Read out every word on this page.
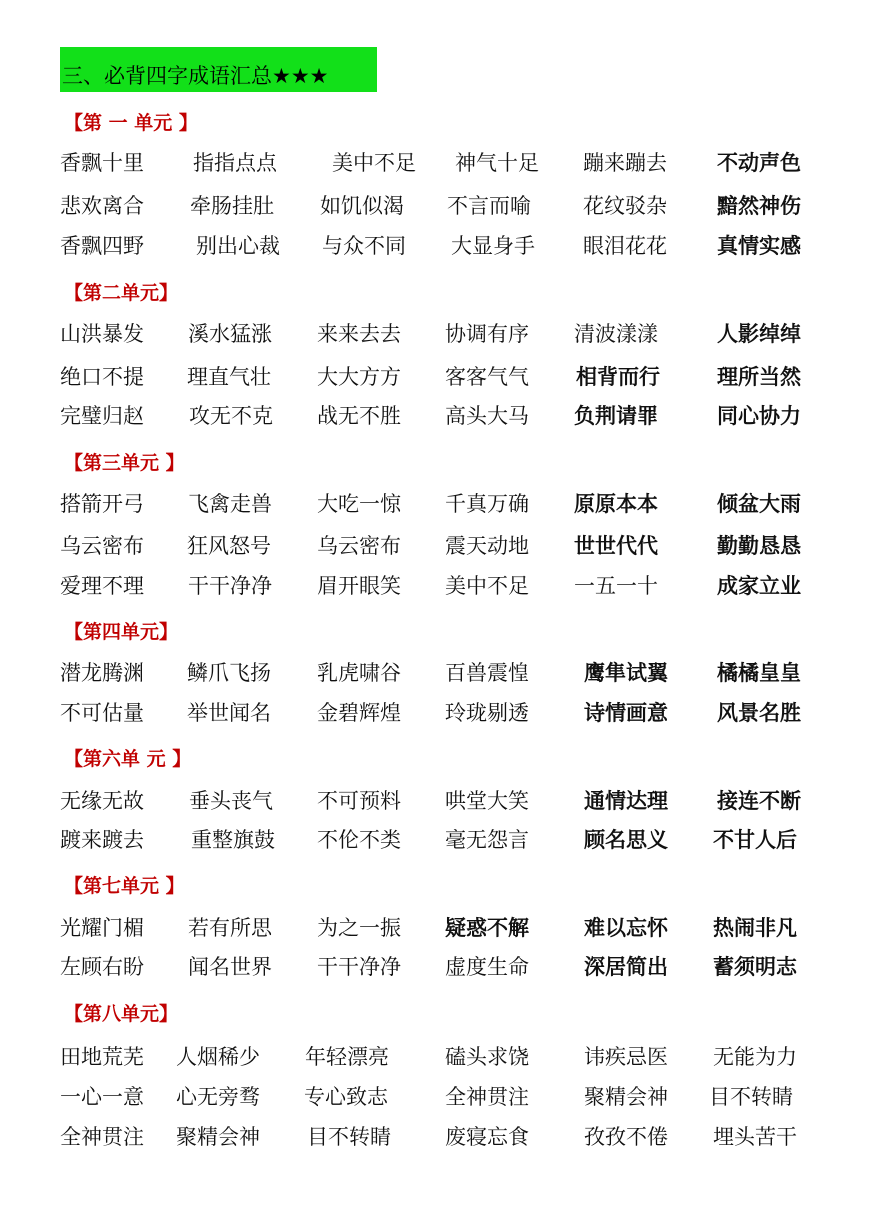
三、必背四字成语汇总★★★
【第 一 单元 】
香飘十里 指指点点	美中不足 神气十足 蹦来蹦去 不动声色
悲欢离合 牵肠挂肚 如饥似渴 不言而喻 花纹驳杂 黯然神伤
香飘四野 别出心裁 与众不同 大显身手 眼泪花花 真情实感
【第二单元】
山洪暴发 溪水猛涨 来来去去 协调有序 清波漾漾	人影绰绰
绝口不提 理直气壮 大大方方 客客气气 相背而行	理所当然
完璧归赵 攻无不克 战无不胜 高头大马 负荆请罪	同心协力
【第三单元 】
搭箭开弓 飞禽走兽 大吃一惊 千真万确 原原本本	倾盆大雨
乌云密布 狂风怒号 乌云密布 震天动地 世世代代	勤勤恳恳
爱理不理 干干净净 眉开眼笑 美中不足 一五一十	成家立业
【第四单元】
潜龙腾渊 鳞爪飞扬 乳虎啸谷 百兽震惶	鹰隼试翼 橘橘皇皇
不可估量 举世闻名 金碧辉煌 玲珑剔透	诗情画意 风景名胜
【第六单 元 】
无缘无故 垂头丧气 不可预料 哄堂大笑	通情达理 接连不断
踱来踱去 重整旗鼓 不伦不类 毫无怨言	顾名思义 不甘人后
【第七单元 】
光耀门楣 若有所思 为之一振 疑惑不解	难以忘怀 热闹非凡
左顾右盼 闻名世界 干干净净 虚度生命	深居简出 蓄须明志
【第八单元】
田地荒芜 人烟稀少 年轻漂亮	磕头求饶	讳疾忌医 无能为力
一心一意 心无旁骛 专心致志	全神贯注	聚精会神 目不转睛
全神贯注 聚精会神 目不转睛	废寝忘食	孜孜不倦 埋头苦干
